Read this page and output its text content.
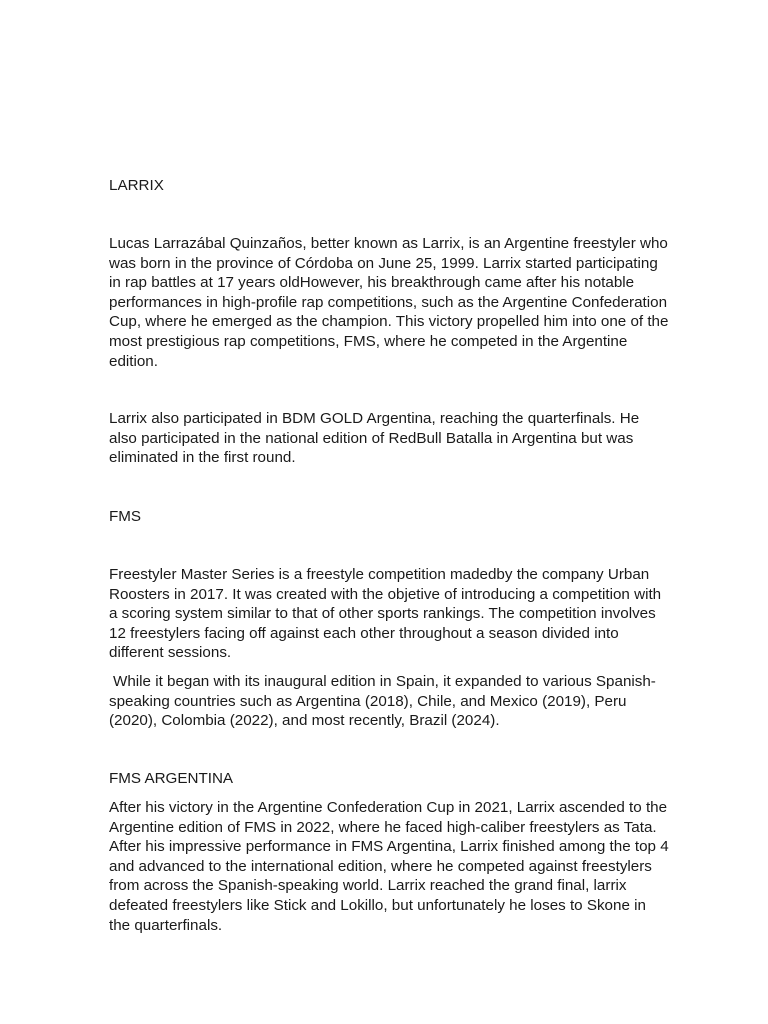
LARRIX

Lucas Larrazábal Quinzaños, better known as Larrix, is an Argentine freestyler who was born in the province of Córdoba on June 25, 1999. Larrix started participating in rap battles at 17 years oldHowever, his breakthrough came after his notable performances in high-profile rap competitions, such as the Argentine Confederation Cup, where he emerged as the champion. This victory propelled him into one of the most prestigious rap competitions, FMS, where he competed in the Argentine edition.

Larrix also participated in BDM GOLD Argentina, reaching the quarterfinals. He also participated in the national edition of RedBull Batalla in Argentina but was eliminated in the first round.

FMS

Freestyler Master Series is a freestyle competition madedby the company Urban Roosters in 2017. It was created with the objetive of introducing a competition with a scoring system similar to that of other sports rankings. The competition involves 12 freestylers facing off against each other throughout a season divided into different sessions.

While it began with its inaugural edition in Spain, it expanded to various Spanish-speaking countries such as Argentina (2018), Chile, and Mexico (2019), Peru (2020), Colombia (2022), and most recently, Brazil (2024).

FMS ARGENTINA

After his victory in the Argentine Confederation Cup in 2021, Larrix ascended to the Argentine edition of FMS in 2022, where he faced high-caliber freestylers as Tata. After his impressive performance in FMS Argentina, Larrix finished among the top 4 and advanced to the international edition, where he competed against freestylers from across the Spanish-speaking world. Larrix reached the grand final, larrix defeated freestylers like Stick and Lokillo, but unfortunately he loses to Skone in the quarterfinals.
